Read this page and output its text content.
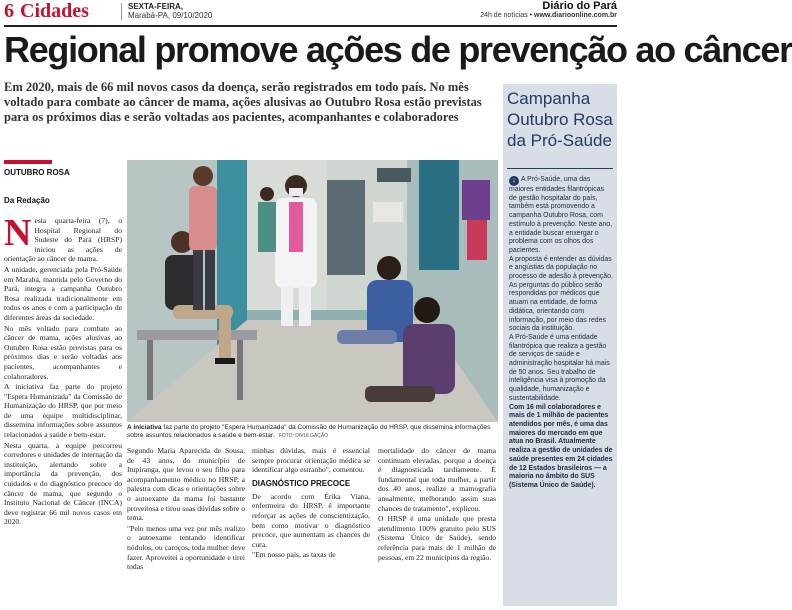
6 Cidades	SEXTA-FEIRA,
Marabá-PA, 09/10/2020
Diário do Pará
24h de notícias • www.diarioonline.com.br
Regional promove ações de prevenção ao câncer

Em 2020, mais de 66 mil novos casos da doença, serão registrados em todo país. No mês voltado para combate ao câncer de mama, ações alusivas ao Outubro Rosa estão previstas para os próximos dias e serão voltadas aos pacientes, acompanhantes e colaboradores

OUTUBRO ROSA
Da Redação

Nesta quarta-feira (7), o Hospital Regional do Sudeste do Pará (HRSP) iniciou as ações de orientação ao câncer de mama.

A unidade, gerenciada pela Pró-Saúde em Marabá, mantida pelo Governo do Pará, integra a campanha Outubro Rosa realizada tradicionalmente em todos os anos e com a participação de diferentes áreas da sociedade.

No mês voltado para combate ao câncer de mama, ações alusivas ao Outubro Rosa estão previstas para os próximos dias e serão voltadas aos pacientes, acompanhantes e colaboradores.

A iniciativa faz parte do projeto "Espera Humanizada" da Comissão de Humanização do HRSP, que por meio de uma equipe multidisciplinar, dissemina informações sobre assuntos relacionados a saúde e bem-estar.

Nesta quarta, a equipe percorreu corredores e unidades de internação da instituição, alertando sobre a importância da prevenção, dos cuidados e do diagnóstico precoce do câncer de mama, que segundo o Instituto Nacional de Câncer (INCA) deve registrar 66 mil novos casos em 2020.

A iniciativa faz parte do projeto "Espera Humanizada" da Comissão de Humanização do HRSP, que dissemina informações sobre assuntos relacionados a saúde e bem-estar. FOTO: DIVULGAÇÃO

Segundo Maria Aparecida de Sousa, de 43 anos, do município de Itupiranga, que levou o seu filho para acompanhamento médico no HRSP, a palestra com dicas e orientações sobre o autoexame da mama foi bastante proveitosa e tirou suas dúvidas sobre o tema.

"Pelo menos uma vez por mês realizo o autoexame tentando identificar nódulos, ou caroços, toda mulher deve fazer. Aproveitei a oportunidade e tirei todas

minhas dúvidas, mais é essencial sempre procurar orientação médica se identificar algo estranho", comentou.

DIAGNÓSTICO PRECOCE

De acordo com Érika Viana, enfermeira do HRSP, é importante reforçar as ações de conscientização, bem como motivar o diagnóstico precoce, que aumentam as chances de cura.

"Em nosso país, as taxas de

mortalidade do câncer de mama continuam elevadas, porque a doença é diagnosticada tardiamente. É fundamental que toda mulher, a partir dos 40 anos, realize a mamografia anualmente, melhorando assim suas chances de tratamento", explicou.

O HRSP é uma unidade que presta atendimento 100% gratuito pelo SUS (Sistema Único de Saúde), sendo referência para mais de 1 milhão de pessoas, em 22 municípios da região.

Campanha Outubro Rosa da Pró-Saúde

↓ A Pró-Saúde, uma das maiores entidades filantrópicas de gestão hospitalar do país, também está promovendo a campanha Outubro Rosa, com estímulo à prevenção. Neste ano, a entidade buscar enxergar o problema com os olhos dos pacientes.

A proposta é entender as dúvidas e angústias da população no processo de adesão à prevenção. As perguntas do público serão respondidas por médicos que atuam na entidade, de forma didática, orientando com informação, por meio das redes sociais da instituição.

A Pró-Saúde é uma entidade filantrópica que realiza a gestão de serviços de saúde e administração hospitalar há mais de 50 anos. Seu trabalho de inteligência visa à promoção da qualidade, humanização e sustentabilidade.

Com 16 mil colaboradores e mais de 1 milhão de pacientes atendidos por mês, é uma das maiores do mercado em que atua no Brasil. Atualmente realiza a gestão de unidades de saúde presentes em 24 cidades de 12 Estados brasileiros — a maioria no âmbito do SUS (Sistema Único de Saúde).
